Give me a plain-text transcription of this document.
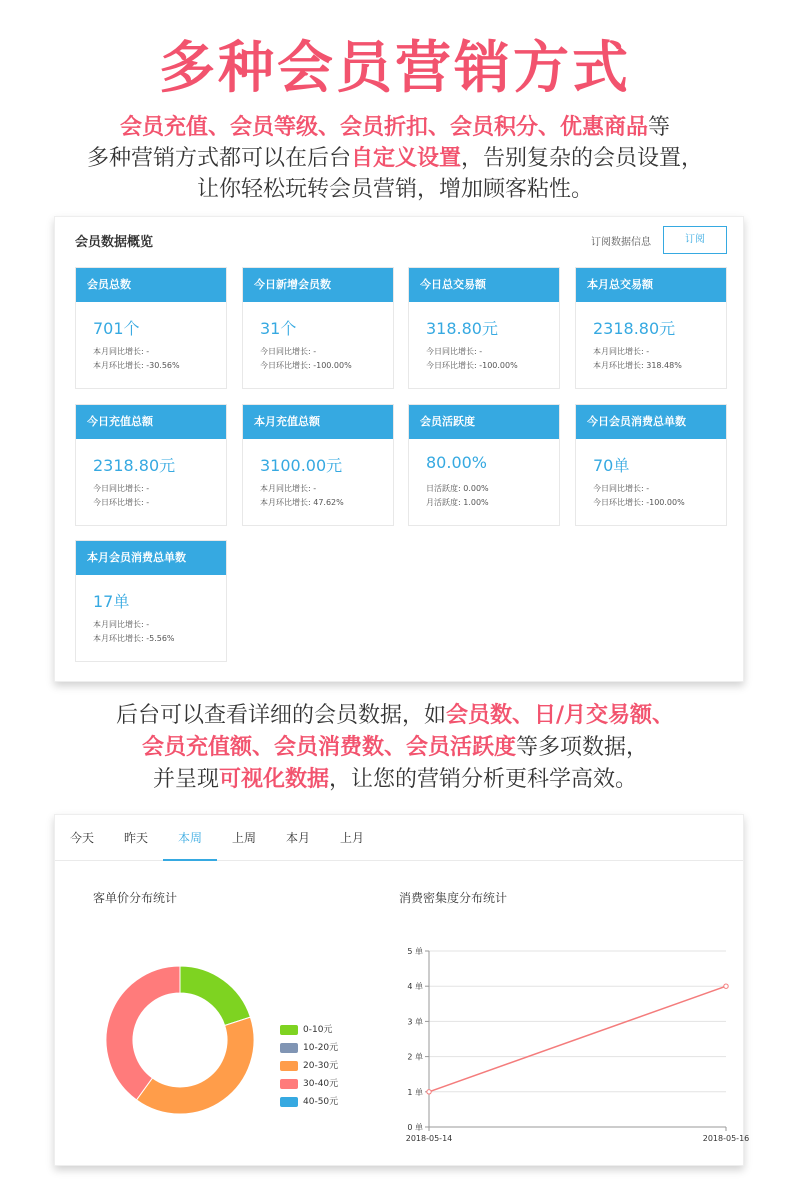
多种会员营销方式
会员充值、会员等级、会员折扣、会员积分、优惠商品等
多种营销方式都可以在后台自定义设置，告别复杂的会员设置，
让你轻松玩转会员营销，增加顾客粘性。
会员数据概览	订阅数据信息	订阅
会员总数
701个
本月同比增长: -
本月环比增长: -30.56%
今日新增会员数
31个
今日同比增长: -
今日环比增长: -100.00%
今日总交易额
318.80元
今日同比增长: -
今日环比增长: -100.00%
本月总交易额
2318.80元
本月同比增长: -
本月环比增长: 318.48%
今日充值总额
2318.80元
今日同比增长: -
今日环比增长: -
本月充值总额
3100.00元
本月同比增长: -
本月环比增长: 47.62%
会员活跃度
80.00%
日活跃度: 0.00%
月活跃度: 1.00%
今日会员消费总单数
70单
今日同比增长: -
今日环比增长: -100.00%
本月会员消费总单数
17单
本月同比增长: -
本月环比增长: -5.56%
后台可以查看详细的会员数据，如会员数、日/月交易额、
会员充值额、会员消费数、会员活跃度等多项数据，
并呈现可视化数据，让您的营销分析更科学高效。
今天	昨天	本周	上周	本月	上月
客单价分布统计	消费密集度分布统计
0-10元
10-20元
20-30元
30-40元
40-50元
0 单
1 单
2 单
3 单
4 单
5 单
2018-05-14	2018-05-16
